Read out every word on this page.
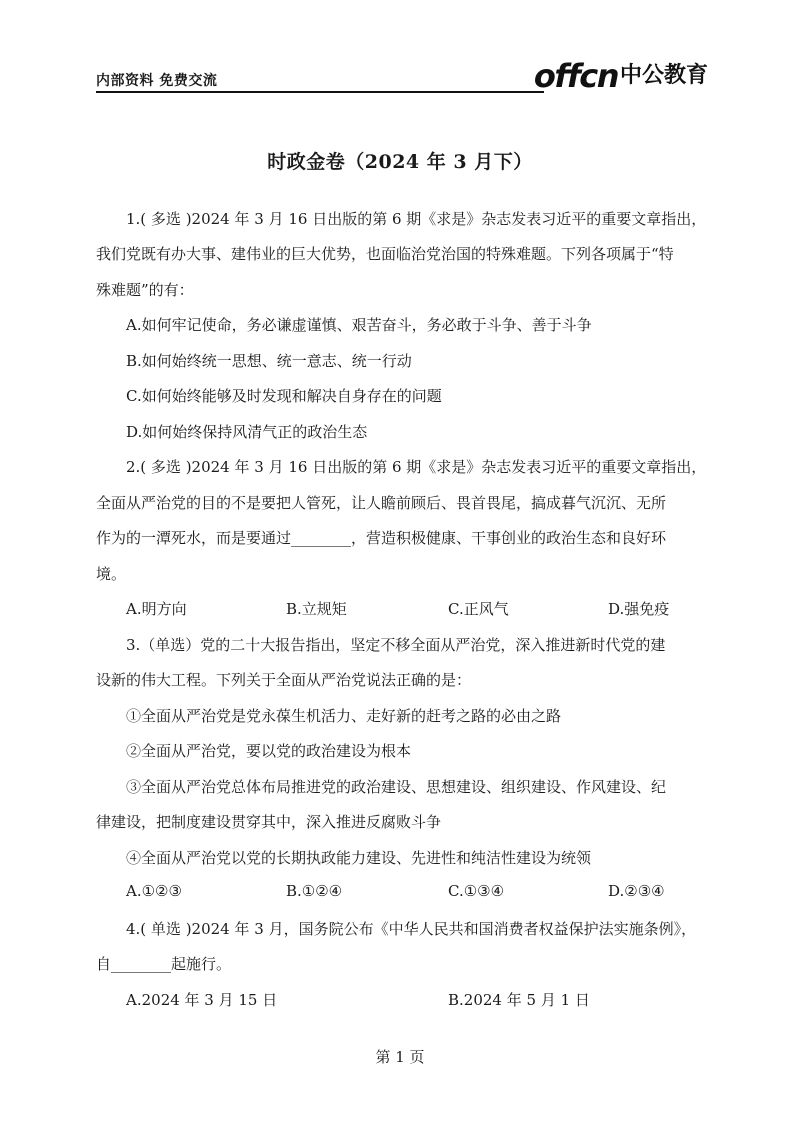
内部资料 免费交流	offcn 中公教育
时政金卷（2024 年 3 月下）
1.( 多选 )2024 年 3 月 16 日出版的第 6 期《求是》杂志发表习近平的重要文章指出，
我们党既有办大事、建伟业的巨大优势，也面临治党治国的特殊难题。下列各项属于“特
殊难题”的有：
A.如何牢记使命，务必谦虚谨慎、艰苦奋斗，务必敢于斗争、善于斗争
B.如何始终统一思想、统一意志、统一行动
C.如何始终能够及时发现和解决自身存在的问题
D.如何始终保持风清气正的政治生态
2.( 多选 )2024 年 3 月 16 日出版的第 6 期《求是》杂志发表习近平的重要文章指出，
全面从严治党的目的不是要把人管死，让人瞻前顾后、畏首畏尾，搞成暮气沉沉、无所
作为的一潭死水，而是要通过________，营造积极健康、干事创业的政治生态和良好环
境。
A.明方向	B.立规矩	C.正风气	D.强免疫
3.（单选）党的二十大报告指出，坚定不移全面从严治党，深入推进新时代党的建
设新的伟大工程。下列关于全面从严治党说法正确的是：
①全面从严治党是党永葆生机活力、走好新的赶考之路的必由之路
②全面从严治党，要以党的政治建设为根本
③全面从严治党总体布局推进党的政治建设、思想建设、组织建设、作风建设、纪
律建设，把制度建设贯穿其中，深入推进反腐败斗争
④全面从严治党以党的长期执政能力建设、先进性和纯洁性建设为统领
A.①②③	B.①②④	C.①③④	D.②③④
4.( 单选 )2024 年 3 月，国务院公布《中华人民共和国消费者权益保护法实施条例》，
自________起施行。
A.2024 年 3 月 15 日	B.2024 年 5 月 1 日
第 1 页
